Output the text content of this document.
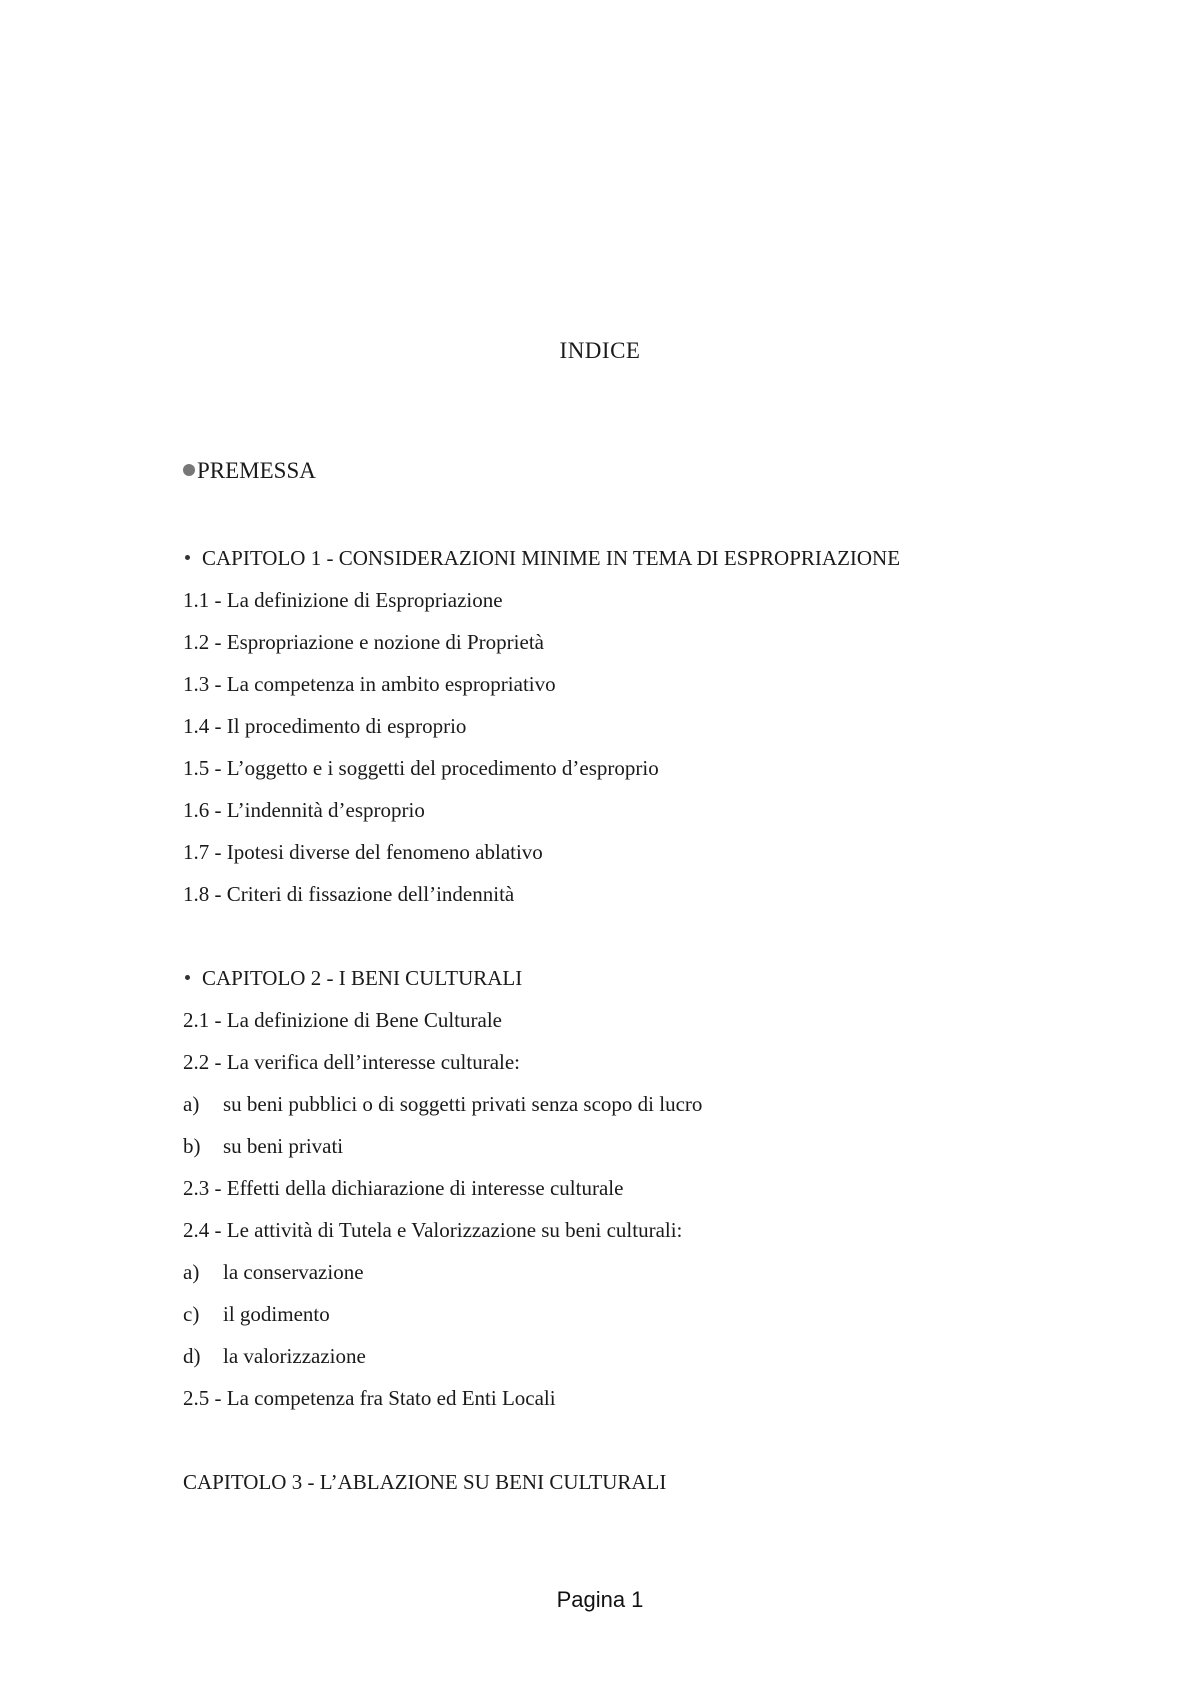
INDICE
PREMESSA
CAPITOLO 1 - CONSIDERAZIONI MINIME IN TEMA DI ESPROPRIAZIONE
1.1 - La definizione di Espropriazione
1.2 - Espropriazione e nozione di Proprietà
1.3 - La competenza in ambito espropriativo
1.4 - Il procedimento di esproprio
1.5 - L’oggetto e i soggetti del procedimento d’esproprio
1.6 - L’indennità d’esproprio
1.7 - Ipotesi diverse del fenomeno ablativo
1.8 - Criteri di fissazione dell’indennità
CAPITOLO 2 - I BENI CULTURALI
2.1 - La definizione di Bene Culturale
2.2 - La verifica dell’interesse culturale:
a) su beni pubblici o di soggetti privati senza scopo di lucro
b) su beni privati
2.3 - Effetti della dichiarazione di interesse culturale
2.4 - Le attività di Tutela e Valorizzazione su beni culturali:
a) la conservazione
c) il godimento
d) la valorizzazione
2.5 - La competenza fra Stato ed Enti Locali
CAPITOLO 3 - L’ABLAZIONE SU BENI CULTURALI
Pagina 1
